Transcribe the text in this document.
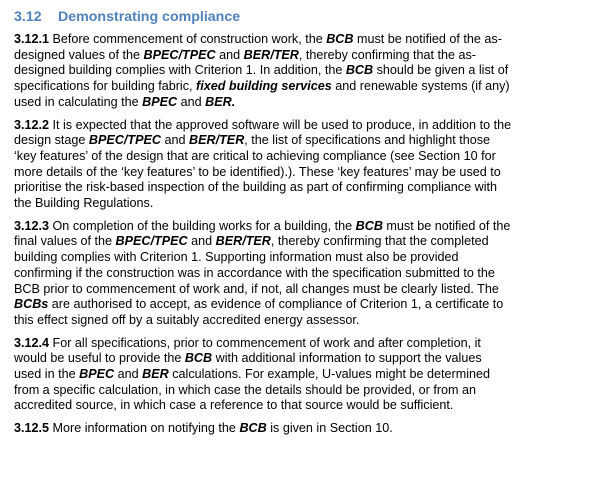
3.12 Demonstrating compliance
3.12.1 Before commencement of construction work, the BCB must be notified of the as-
designed values of the BPEC/TPEC and BER/TER, thereby confirming that the as-
designed building complies with Criterion 1. In addition, the BCB should be given a list of
specifications for building fabric, fixed building services and renewable systems (if any)
used in calculating the BPEC and BER.
3.12.2 It is expected that the approved software will be used to produce, in addition to the
design stage BPEC/TPEC and BER/TER, the list of specifications and highlight those
‘key features’ of the design that are critical to achieving compliance (see Section 10 for
more details of the ‘key features’ to be identified).). These ‘key features’ may be used to
prioritise the risk-based inspection of the building as part of confirming compliance with
the Building Regulations.
3.12.3 On completion of the building works for a building, the BCB must be notified of the
final values of the BPEC/TPEC and BER/TER, thereby confirming that the completed
building complies with Criterion 1. Supporting information must also be provided
confirming if the construction was in accordance with the specification submitted to the
BCB prior to commencement of work and, if not, all changes must be clearly listed. The
BCBs are authorised to accept, as evidence of compliance of Criterion 1, a certificate to
this effect signed off by a suitably accredited energy assessor.
3.12.4 For all specifications, prior to commencement of work and after completion, it
would be useful to provide the BCB with additional information to support the values
used in the BPEC and BER calculations. For example, U-values might be determined
from a specific calculation, in which case the details should be provided, or from an
accredited source, in which case a reference to that source would be sufficient.
3.12.5 More information on notifying the BCB is given in Section 10.
